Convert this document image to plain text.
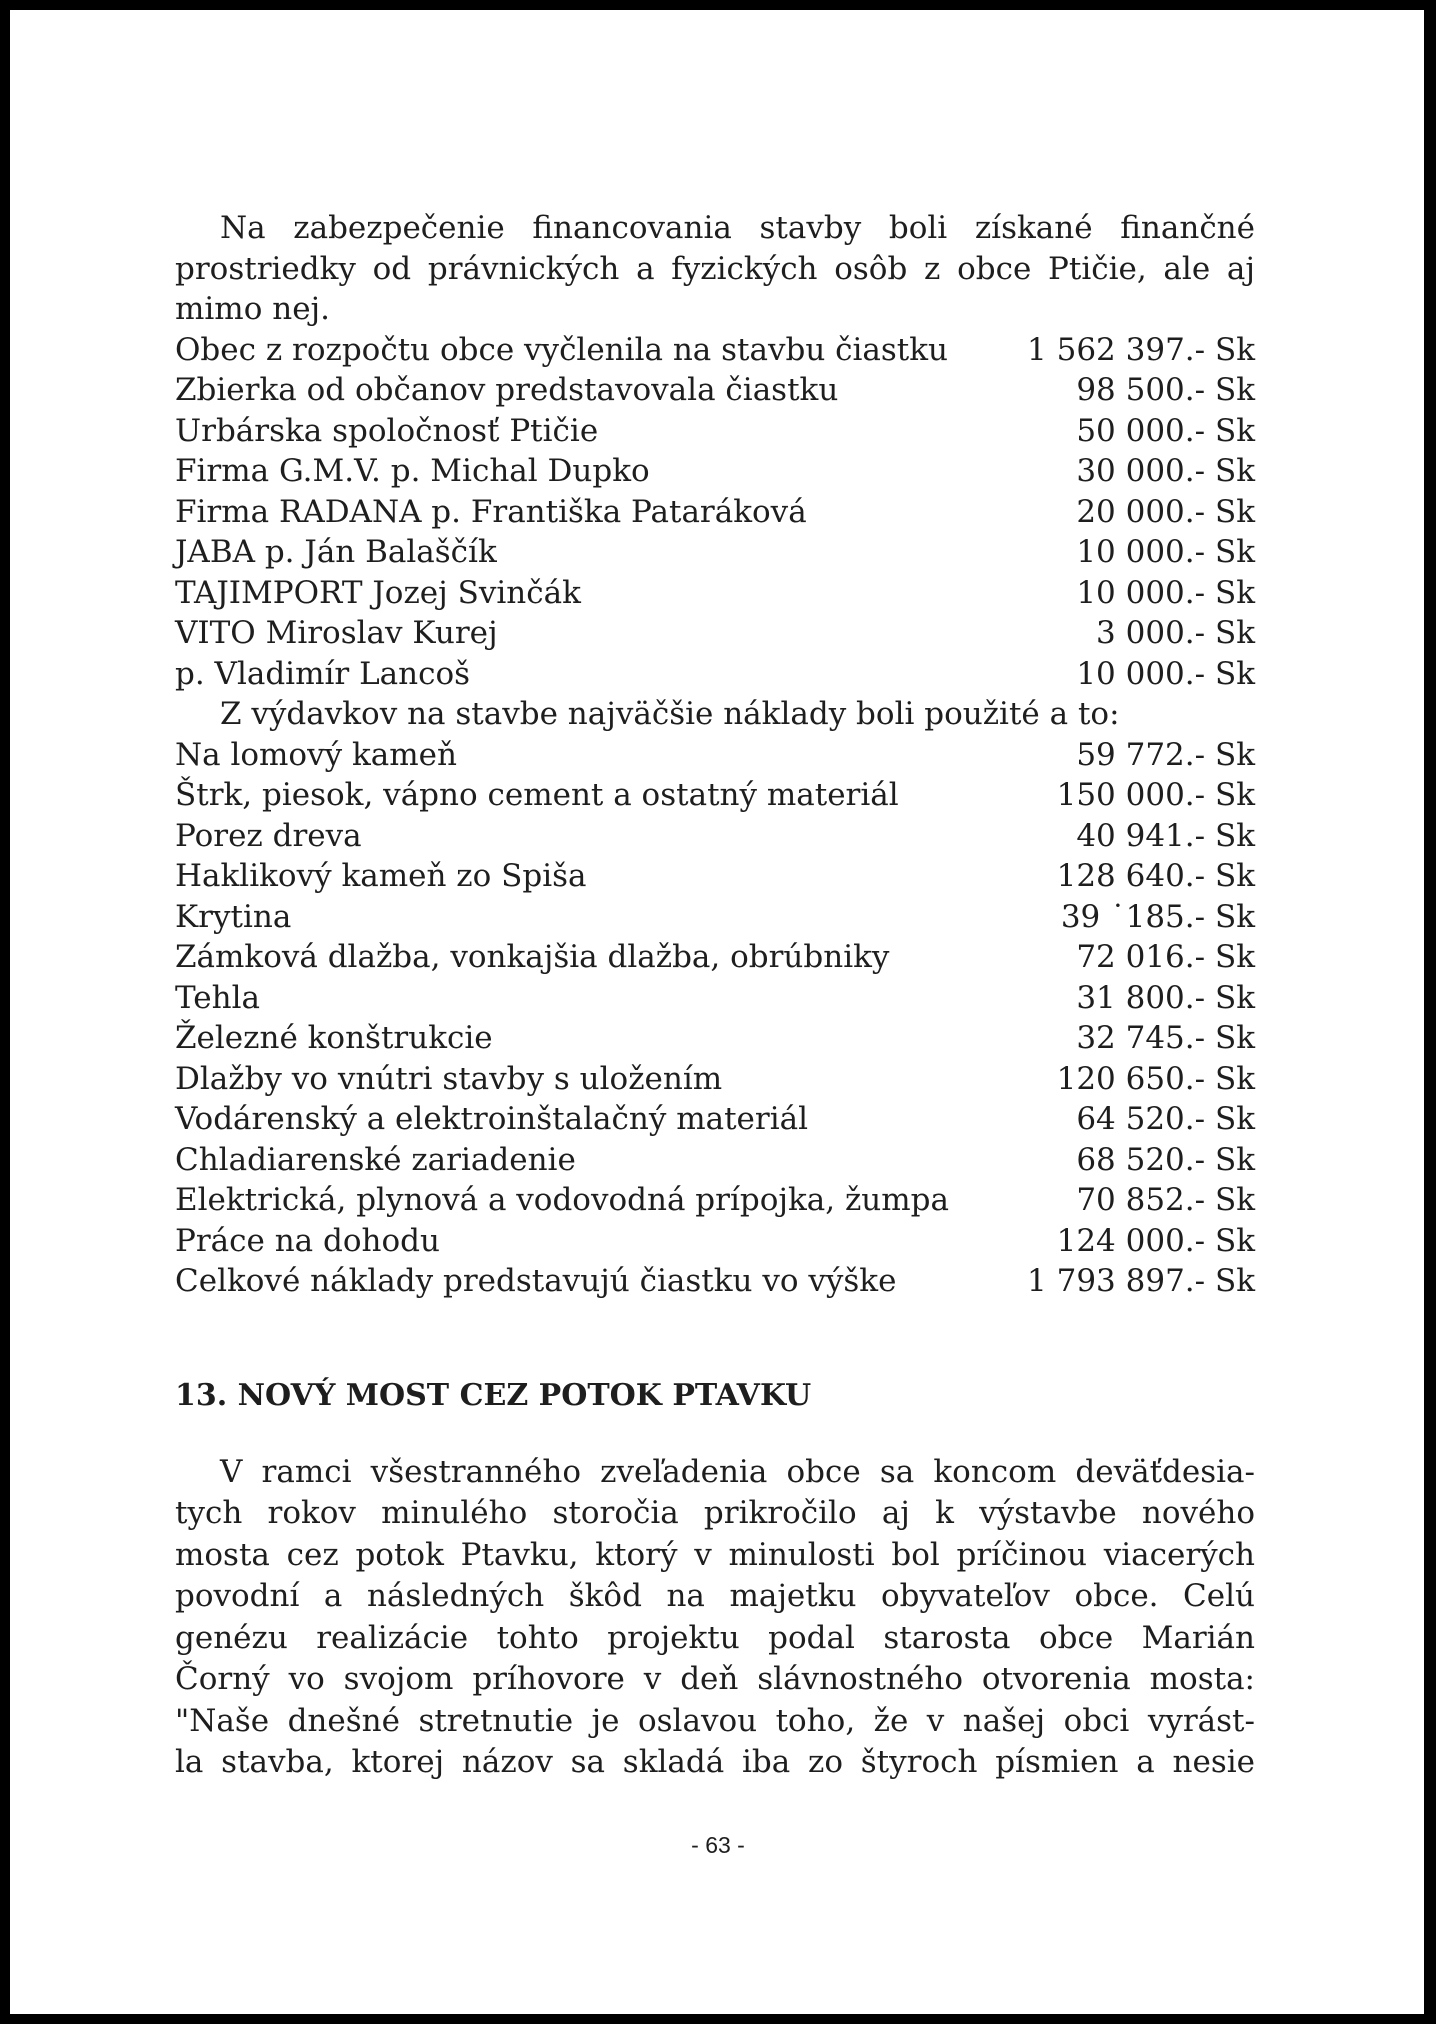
Na zabezpečenie financovania stavby boli získané finančné
prostriedky od právnických a fyzických osôb z obce Ptičie, ale aj
mimo nej.
Obec z rozpočtu obce vyčlenila na stavbu čiastku	1 562 397.- Sk
Zbierka od občanov predstavovala čiastku	98 500.- Sk
Urbárska spoločnosť Ptičie	50 000.- Sk
Firma G.M.V. p. Michal Dupko	30 000.- Sk
Firma RADANA p. Františka Pataráková	20 000.- Sk
JABA p. Ján Balaščík	10 000.- Sk
TAJIMPORT Jozej Svinčák	10 000.- Sk
VITO Miroslav Kurej	3 000.- Sk
p. Vladimír Lancoš	10 000.- Sk
Z výdavkov na stavbe najväčšie náklady boli použité a to:
Na lomový kameň	59 772.- Sk
Štrk, piesok, vápno cement a ostatný materiál	150 000.- Sk
Porez dreva	40 941.- Sk
Haklikový kameň zo Spiša	128 640.- Sk
Krytina	39 ˙185.- Sk
Zámková dlažba, vonkajšia dlažba, obrúbniky	72 016.- Sk
Tehla	31 800.- Sk
Železné konštrukcie	32 745.- Sk
Dlažby vo vnútri stavby s uložením	120 650.- Sk
Vodárenský a elektroinštalačný materiál	64 520.- Sk
Chladiarenské zariadenie	68 520.- Sk
Elektrická, plynová a vodovodná prípojka, žumpa	70 852.- Sk
Práce na dohodu	124 000.- Sk
Celkové náklady predstavujú čiastku vo výške	1 793 897.- Sk
13. NOVÝ MOST CEZ POTOK PTAVKU
V ramci všestranného zveľadenia obce sa koncom deväťdesia-
tych rokov minulého storočia prikročilo aj k výstavbe nového
mosta cez potok Ptavku, ktorý v minulosti bol príčinou viacerých
povodní a následných škôd na majetku obyvateľov obce. Celú
genézu realizácie tohto projektu podal starosta obce Marián
Čorný vo svojom príhovore v deň slávnostného otvorenia mosta:
"Naše dnešné stretnutie je oslavou toho, že v našej obci vyrást-
la stavba, ktorej názov sa skladá iba zo štyroch písmien a nesie
- 63 -
